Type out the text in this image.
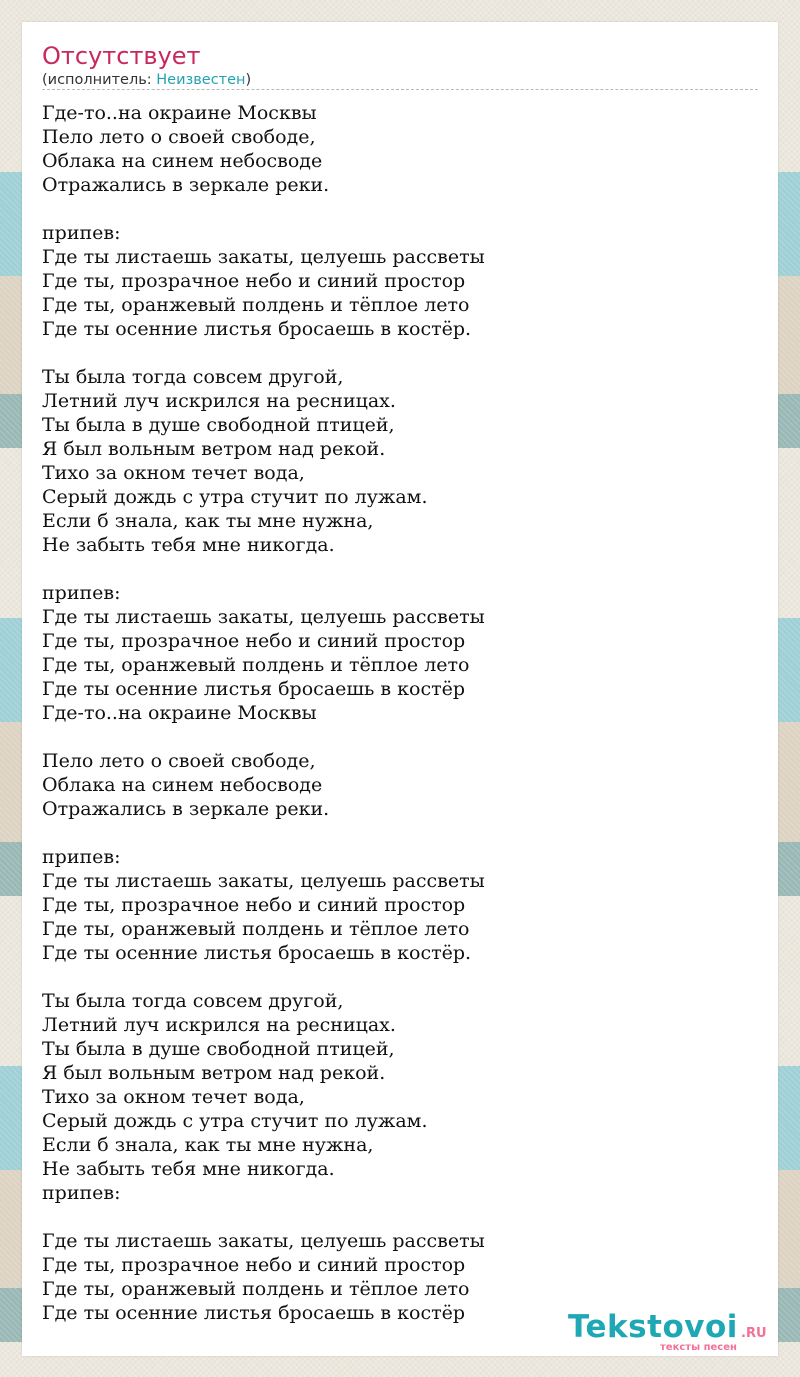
Отсутствует
(исполнитель: Неизвестен)
Где-то..на окраине Москвы
Пело лето о своей свободе,
Облака на синем небосводе
Отражались в зеркале реки.

припев:
Где ты листаешь закаты, целуешь рассветы
Где ты, прозрачное небо и синий простор
Где ты, оранжевый полдень и тёплое лето
Где ты осенние листья бросаешь в костёр.

Ты была тогда совсем другой,
Летний луч искрился на ресницах.
Ты была в душе свободной птицей,
Я был вольным ветром над рекой.
Тихо за окном течет вода,
Серый дождь с утра стучит по лужам.
Если б знала, как ты мне нужна,
Не забыть тебя мне никогда.

припев:
Где ты листаешь закаты, целуешь рассветы
Где ты, прозрачное небо и синий простор
Где ты, оранжевый полдень и тёплое лето
Где ты осенние листья бросаешь в костёр
Где-то..на окраине Москвы

Пело лето о своей свободе,
Облака на синем небосводе
Отражались в зеркале реки.

припев:
Где ты листаешь закаты, целуешь рассветы
Где ты, прозрачное небо и синий простор
Где ты, оранжевый полдень и тёплое лето
Где ты осенние листья бросаешь в костёр.

Ты была тогда совсем другой,
Летний луч искрился на ресницах.
Ты была в душе свободной птицей,
Я был вольным ветром над рекой.
Тихо за окном течет вода,
Серый дождь с утра стучит по лужам.
Если б знала, как ты мне нужна,
Не забыть тебя мне никогда.
припев:

Где ты листаешь закаты, целуешь рассветы
Где ты, прозрачное небо и синий простор
Где ты, оранжевый полдень и тёплое лето
Где ты осенние листья бросаешь в костёр	Tekstovoi .RU
тексты песен
